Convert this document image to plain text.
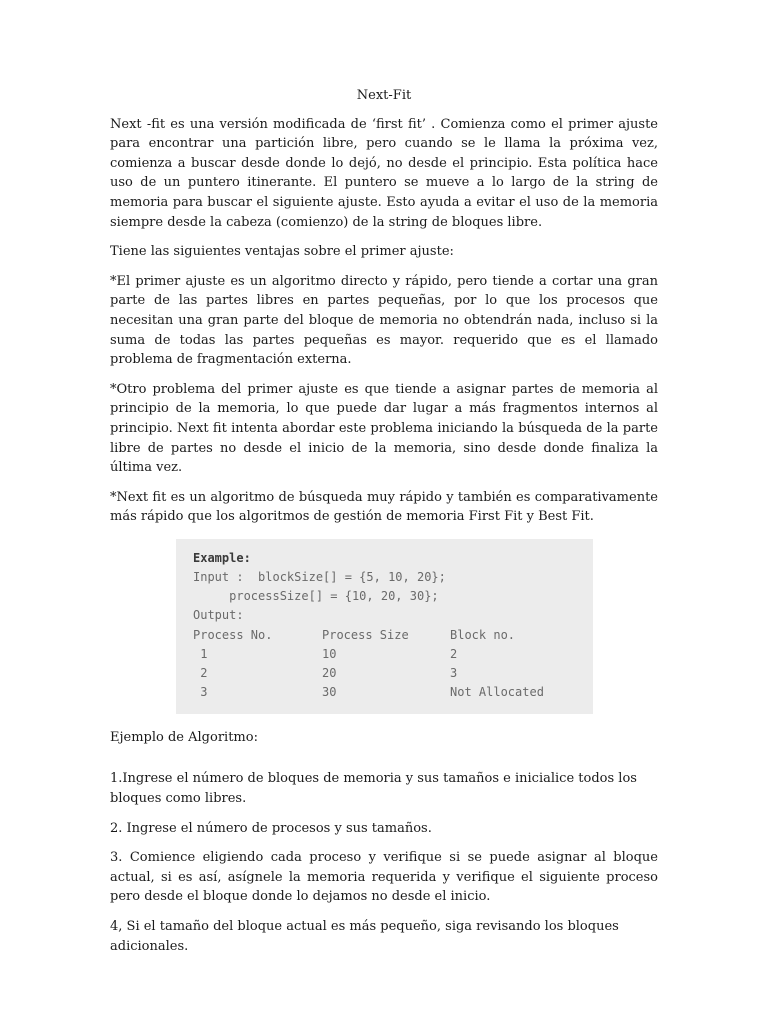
Next-Fit

Next -fit es una versión modificada de ‘first fit’ . Comienza como el primer ajuste para encontrar una partición libre, pero cuando se le llama la próxima vez, comienza a buscar desde donde lo dejó, no desde el principio. Esta política hace uso de un puntero itinerante. El puntero se mueve a lo largo de la string de memoria para buscar el siguiente ajuste. Esto ayuda a evitar el uso de la memoria siempre desde la cabeza (comienzo) de la string de bloques libre.

Tiene las siguientes ventajas sobre el primer ajuste:

*El primer ajuste es un algoritmo directo y rápido, pero tiende a cortar una gran parte de las partes libres en partes pequeñas, por lo que los procesos que necesitan una gran parte del bloque de memoria no obtendrán nada, incluso si la suma de todas las partes pequeñas es mayor. requerido que es el llamado problema de fragmentación externa.

*Otro problema del primer ajuste es que tiende a asignar partes de memoria al principio de la memoria, lo que puede dar lugar a más fragmentos internos al principio. Next fit intenta abordar este problema iniciando la búsqueda de la parte libre de partes no desde el inicio de la memoria, sino desde donde finaliza la última vez.

*Next fit es un algoritmo de búsqueda muy rápido y también es comparativamente más rápido que los algoritmos de gestión de memoria First Fit y Best Fit.

Example:
Input :  blockSize[] = {5, 10, 20};
processSize[] = {10, 20, 30};
Output:
Process No.	Process Size	Block no.
1	10	2
2	20	3
3	30	Not Allocated

Ejemplo de Algoritmo:

1.Ingrese el número de bloques de memoria y sus tamaños e inicialice todos los bloques como libres.

2. Ingrese el número de procesos y sus tamaños.

3. Comience eligiendo cada proceso y verifique si se puede asignar al bloque actual, si es así, asígnele la memoria requerida y verifique el siguiente proceso pero desde el bloque donde lo dejamos no desde el inicio.

4, Si el tamaño del bloque actual es más pequeño, siga revisando los bloques adicionales.
